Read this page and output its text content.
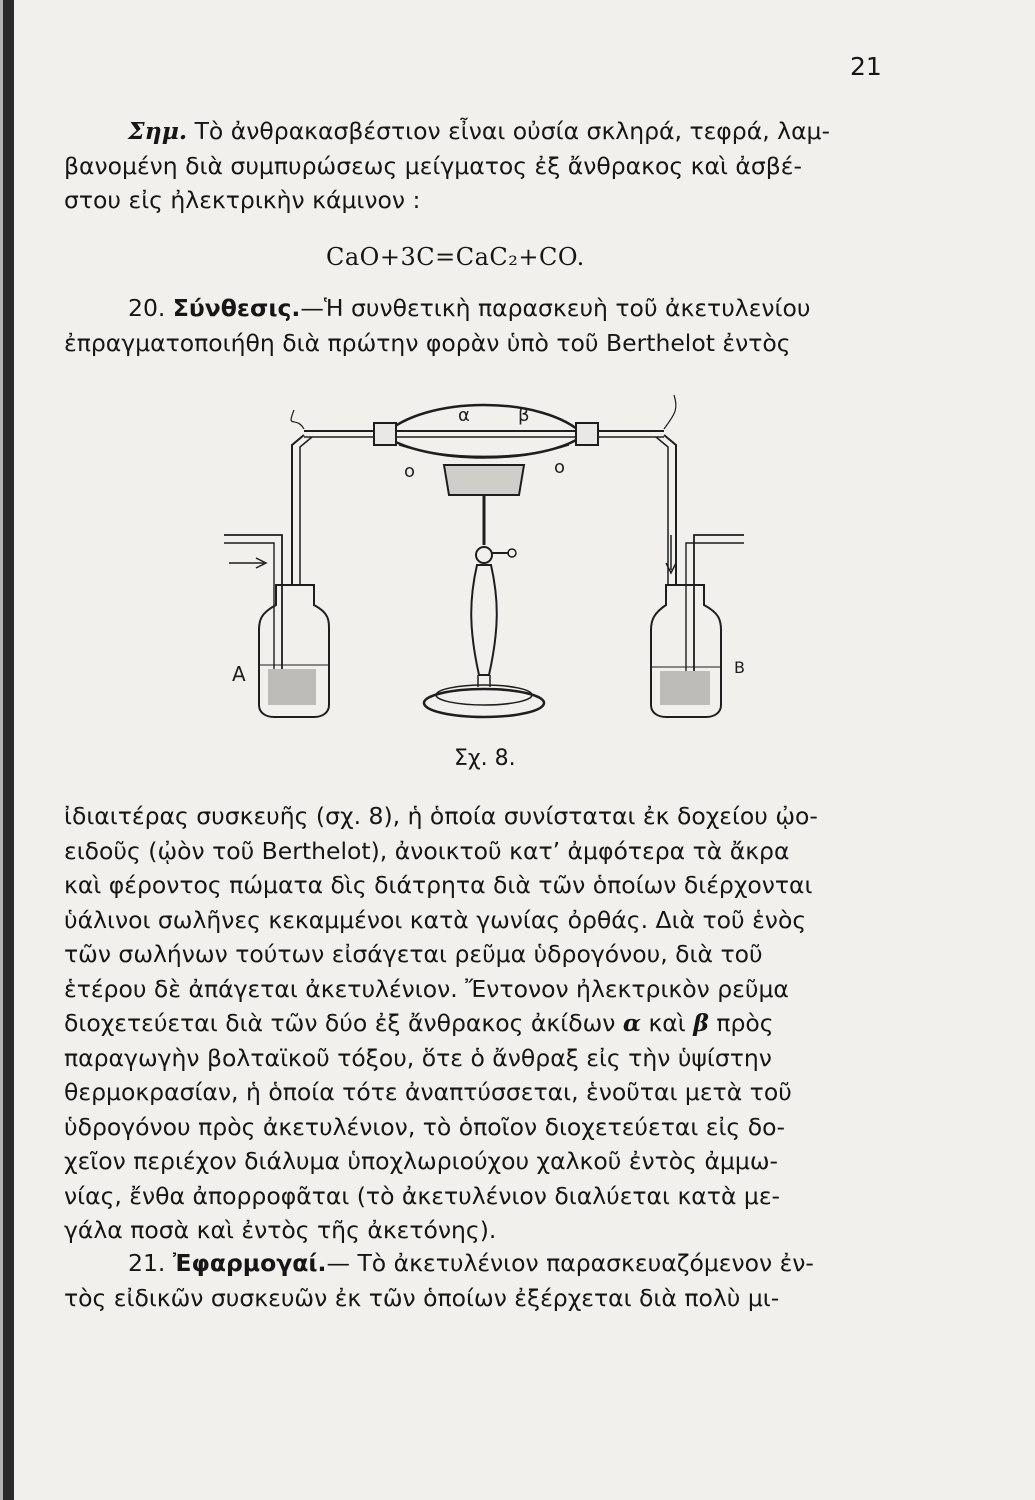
21
Σημ. Τὸ ἀνθρακασβέστιον εἶναι οὐσία σκληρά, τεφρά, λαμ-
βανομένη διὰ συμπυρώσεως μείγματος ἐξ ἄνθρακος καὶ ἀσβέ-
στου εἰς ἠλεκτρικὴν κάμινον :
CaO+3C=CaC₂+CO.
20. Σύνθεσις.—Ἡ συνθετικὴ παρασκευὴ τοῦ ἀκετυλενίου
ἐπραγματοποιήθη διὰ πρώτην φορὰν ὑπὸ τοῦ Berthelot ἐντὸς
α	β
ο	ο
A	B
Σχ. 8.
ἰδιαιτέρας συσκευῆς (σχ. 8), ἡ ὁποία συνίσταται ἐκ δοχείου ᾠο-
ειδοῦς (ᾠὸν τοῦ Berthelot), ἀνοικτοῦ κατ’ ἀμφότερα τὰ ἄκρα
καὶ φέροντος πώματα δὶς διάτρητα διὰ τῶν ὁποίων διέρχονται
ὑάλινοι σωλῆνες κεκαμμένοι κατὰ γωνίας ὀρθάς. Διὰ τοῦ ἑνὸς
τῶν σωλήνων τούτων εἰσάγεται ρεῦμα ὑδρογόνου, διὰ τοῦ
ἑτέρου δὲ ἀπάγεται ἀκετυλένιον. Ἔντονον ἠλεκτρικὸν ρεῦμα
διοχετεύεται διὰ τῶν δύο ἐξ ἄνθρακος ἀκίδων α καὶ β πρὸς
παραγωγὴν βολταϊκοῦ τόξου, ὅτε ὁ ἄνθραξ εἰς τὴν ὑψίστην
θερμοκρασίαν, ἡ ὁποία τότε ἀναπτύσσεται, ἑνοῦται μετὰ τοῦ
ὑδρογόνου πρὸς ἀκετυλένιον, τὸ ὁποῖον διοχετεύεται εἰς δο-
χεῖον περιέχον διάλυμα ὑποχλωριούχου χαλκοῦ ἐντὸς ἀμμω-
νίας, ἔνθα ἀπορροφᾶται (τὸ ἀκετυλένιον διαλύεται κατὰ με-
γάλα ποσὰ καὶ ἐντὸς τῆς ἀκετόνης).
21. Ἐφαρμογαί.— Τὸ ἀκετυλένιον παρασκευαζόμενον ἐν-
τὸς εἰδικῶν συσκευῶν ἐκ τῶν ὁποίων ἐξέρχεται διὰ πολὺ μι-
